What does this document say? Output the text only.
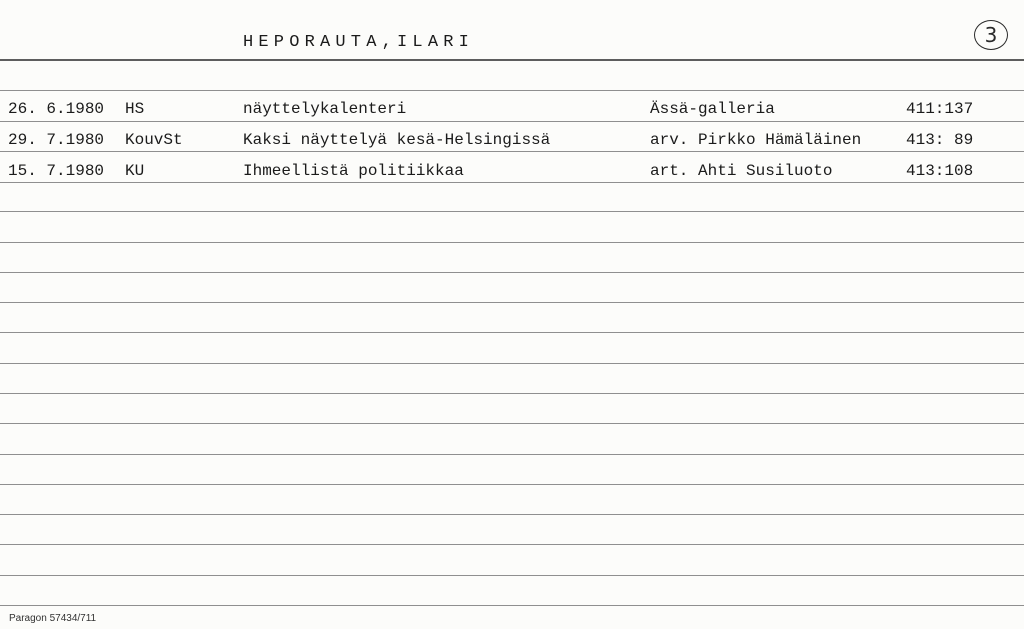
HEPORAUTA,ILARI	3
26. 6.1980 HS	näyttelykalenteri	Ässä-galleria	411:137
29. 7.1980 KouvSt	Kaksi näyttelyä kesä-Helsingissä	arv. Pirkko Hämäläinen	413: 89
15. 7.1980 KU	Ihmeellistä politiikkaa	art. Ahti Susiluoto	413:108
Paragon 57434/711
